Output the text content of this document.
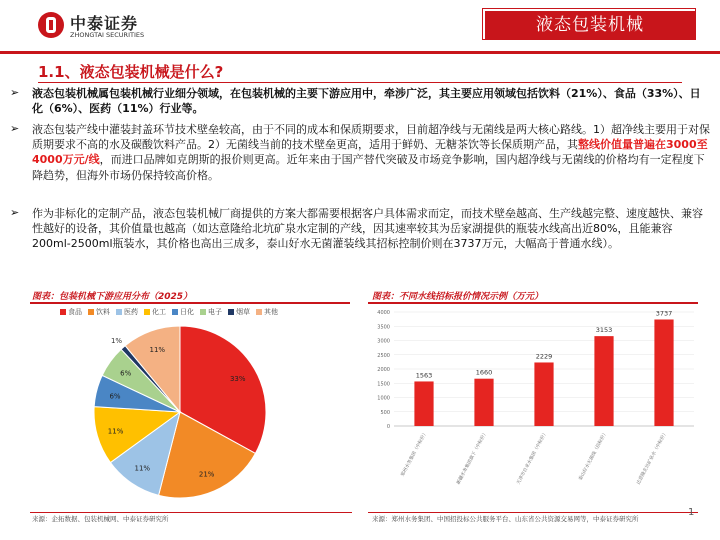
中泰证券
ZHONGTAI SECURITIES	液态包装机械
1.1、液态包装机械是什么?
➢ 液态包装机械属包装机械行业细分领域，在包装机械的主要下游应用中，牵涉广泛，其主要应用领域包括饮料（21%）、食品（33%）、日化（6%）、医药（11%）行业等。
➢ 液态包装产线中灌装封盖环节技术壁垒较高，由于不同的成本和保质期要求，目前超净线与无菌线是两大核心路线。1）超净线主要用于对保质期要求不高的水及碳酸饮料产品。2）无菌线当前的技术壁垒更高，适用于鲜奶、无糖茶饮等长保质期产品，其整线价值量普遍在3000至4000万元/线，而进口品牌如克朗斯的报价则更高。近年来由于国产替代突破及市场竞争影响，国内超净线与无菌线的价格均有一定程度下降趋势，但海外市场仍保持较高价格。
➢ 作为非标化的定制产品，液态包装机械厂商提供的方案大都需要根据客户具体需求而定，而技术壁垒越高、生产线越完整、速度越快、兼容性越好的设备，其价值量也越高（如达意隆给北坑矿泉水定制的产线，因其速率较其为岳家湖提供的瓶装水线高出近80%，且能兼容200ml-2500ml瓶装水，其价格也高出三成多，泰山好水无菌灌装线其招标控制价则在3737万元，大幅高于普通水线）。
图表：包装机械下游应用分布（2025）	图表：不同水线招标报价情况示例（万元）
食品 饮料 医药 化工 日化 电子 烟草 其他
33%
21%
11%
11%
6%
6%
1%
11%
0
500
1000
1500
2000
2500
3000
3500
4000
1563
郑州水务集团（中标价）
1660
新疆水务集团旗下（中标价）
2229
天津市自来水集团（中标价）
3153
泰山好水无菌线（招标价）
3737
达意隆北坑矿泉水（中标价）
来源：企拓数据、包装机械网、中泰证券研究所	来源：郑州水务集团、中国招投标公共服务平台、山东省公共资源交易网等，中泰证券研究所
1
